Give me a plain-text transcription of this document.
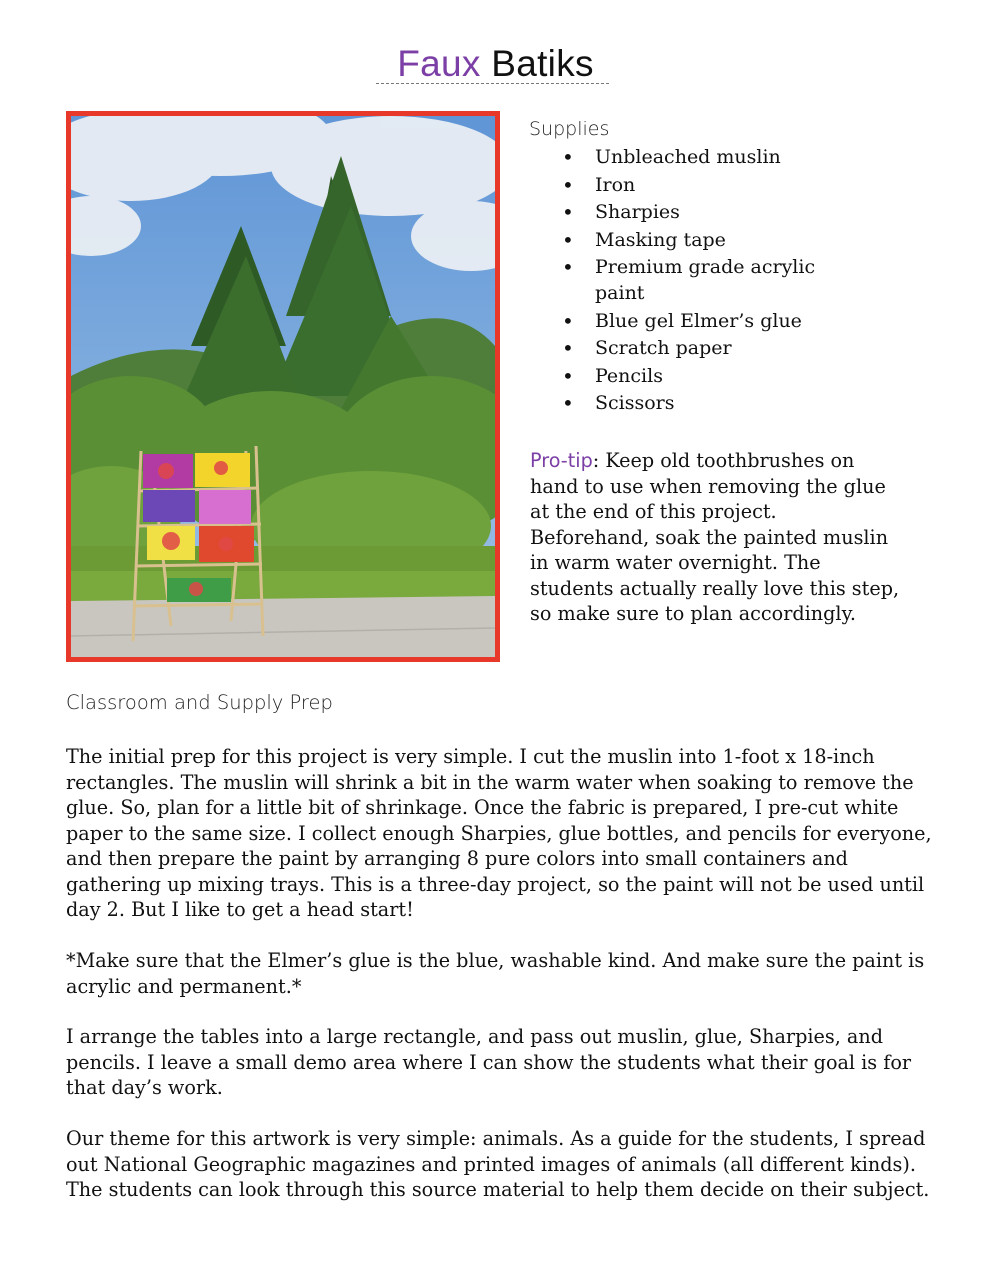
Faux Batiks
Supplies
• Unbleached muslin
• Iron
• Sharpies
• Masking tape
• Premium grade acrylic paint
• Blue gel Elmer’s glue
• Scratch paper
• Pencils
• Scissors

Pro-tip: Keep old toothbrushes on hand to use when removing the glue at the end of this project. Beforehand, soak the painted muslin in warm water overnight. The students actually really love this step, so make sure to plan accordingly.

Classroom and Supply Prep

The initial prep for this project is very simple. I cut the muslin into 1-foot x 18-inch rectangles. The muslin will shrink a bit in the warm water when soaking to remove the glue. So, plan for a little bit of shrinkage. Once the fabric is prepared, I pre-cut white paper to the same size. I collect enough Sharpies, glue bottles, and pencils for everyone, and then prepare the paint by arranging 8 pure colors into small containers and gathering up mixing trays. This is a three-day project, so the paint will not be used until day 2. But I like to get a head start!

*Make sure that the Elmer’s glue is the blue, washable kind. And make sure the paint is acrylic and permanent.*

I arrange the tables into a large rectangle, and pass out muslin, glue, Sharpies, and pencils. I leave a small demo area where I can show the students what their goal is for that day’s work.

Our theme for this artwork is very simple: animals. As a guide for the students, I spread out National Geographic magazines and printed images of animals (all different kinds). The students can look through this source material to help them decide on their subject.
